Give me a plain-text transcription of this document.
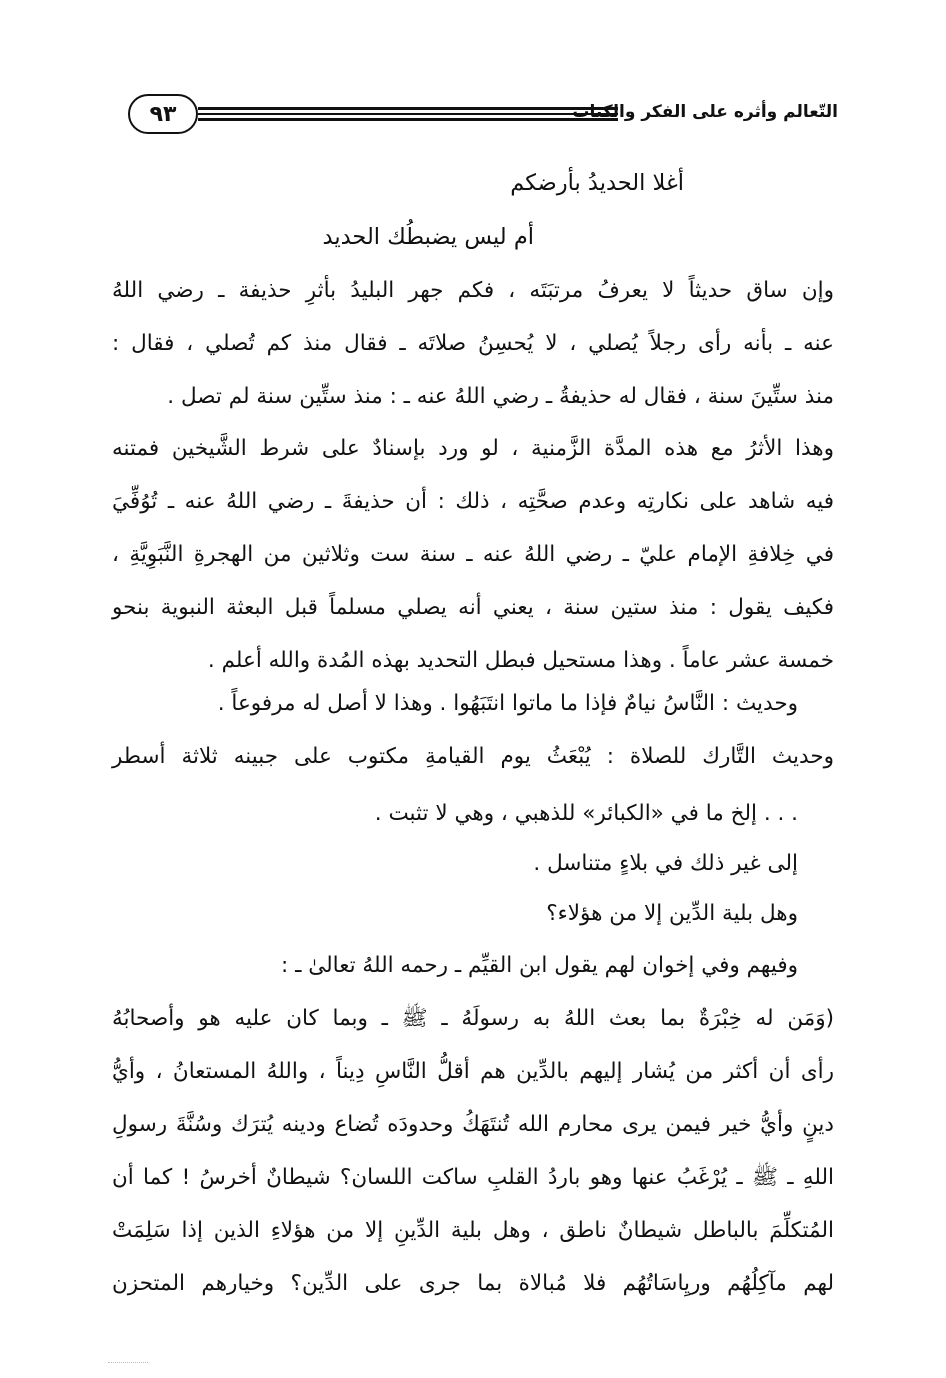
٩٣	التّعالم وأثره على الفكر والكتاب
أغلا الحديدُ بأرضكم
أم ليس يضبطُك الحديد
وإن ساق حديثاً لا يعرفُ مرتبَتَه ، فكم جهر البليدُ بأثرِ حذيفة ـ رضي اللهُ
عنه ـ بأنه رأى رجلاً يُصلي ، لا يُحسِنُ صلاتَه ـ فقال منذ كم تُصلي ، فقال :
منذ ستِّينَ سنة ، فقال له حذيفةُ ـ رضي اللهُ عنه ـ : منذ ستِّين سنة لم تصل .
وهذا الأثرُ مع هذه المدَّة الزَّمنية ، لو ورد بإسنادٌ على شرط الشَّيخين فمتنه
فيه شاهد على نكارتِه وعدم صحَّتِه ، ذلك : أن حذيفةَ ـ رضي اللهُ عنه ـ تُوُفِّيَ
في خِلافةِ الإمام عليّ ـ رضي اللهُ عنه ـ سنة ست وثلاثين من الهجرةِ النَّبَوِيَّةِ ،
فكيف يقول : منذ ستين سنة ، يعني أنه يصلي مسلماً قبل البعثة النبوية بنحو
خمسة عشر عاماً . وهذا مستحيل فبطل التحديد بهذه المُدة والله أعلم .
وحديث : النَّاسُ نيامٌ فإذا ما ماتوا انتَبَهُوا . وهذا لا أصل له مرفوعاً .
وحديث التَّارك للصلاة : يُبْعَثُ يوم القيامةِ مكتوب على جبينه ثلاثة أسطر
. . . إلخ ما في «الكبائر» للذهبي ، وهي لا تثبت .
إلى غير ذلك في بلاءٍ متناسل .
وهل بلية الدِّين إلا من هؤلاء؟
وفيهم وفي إخوان لهم يقول ابن القيِّم ـ رحمه اللهُ تعالىٰ ـ :
(وَمَن له خِبْرَةٌ بما بعث اللهُ به رسولَهُ ـ ﷺ ـ وبما كان عليه هو وأصحابُهُ
رأى أن أكثر من يُشار إليهم بالدِّين هم أقلُّ النَّاسِ دِيناً ، واللهُ المستعانُ ، وأيُّ
دينٍ وأيُّ خير فيمن يرى محارم الله تُنتَهَكُ وحدودَه تُضاع ودينه يُترَك وسُنَّةَ رسولِ
اللهِ ـ ﷺ ـ يُرْغَبُ عنها وهو باردُ القلبِ ساكت اللسان؟ شيطانٌ أخرسُ ! كما أن
المُتكلِّمَ بالباطل شيطانٌ ناطق ، وهل بلية الدِّينِ إلا من هؤلاءِ الذين إذا سَلِمَتْ
لهم مآكِلُهُم وريِاسَاتُهُم فلا مُبالاة بما جرى على الدِّين؟ وخيارهم المتحزن
